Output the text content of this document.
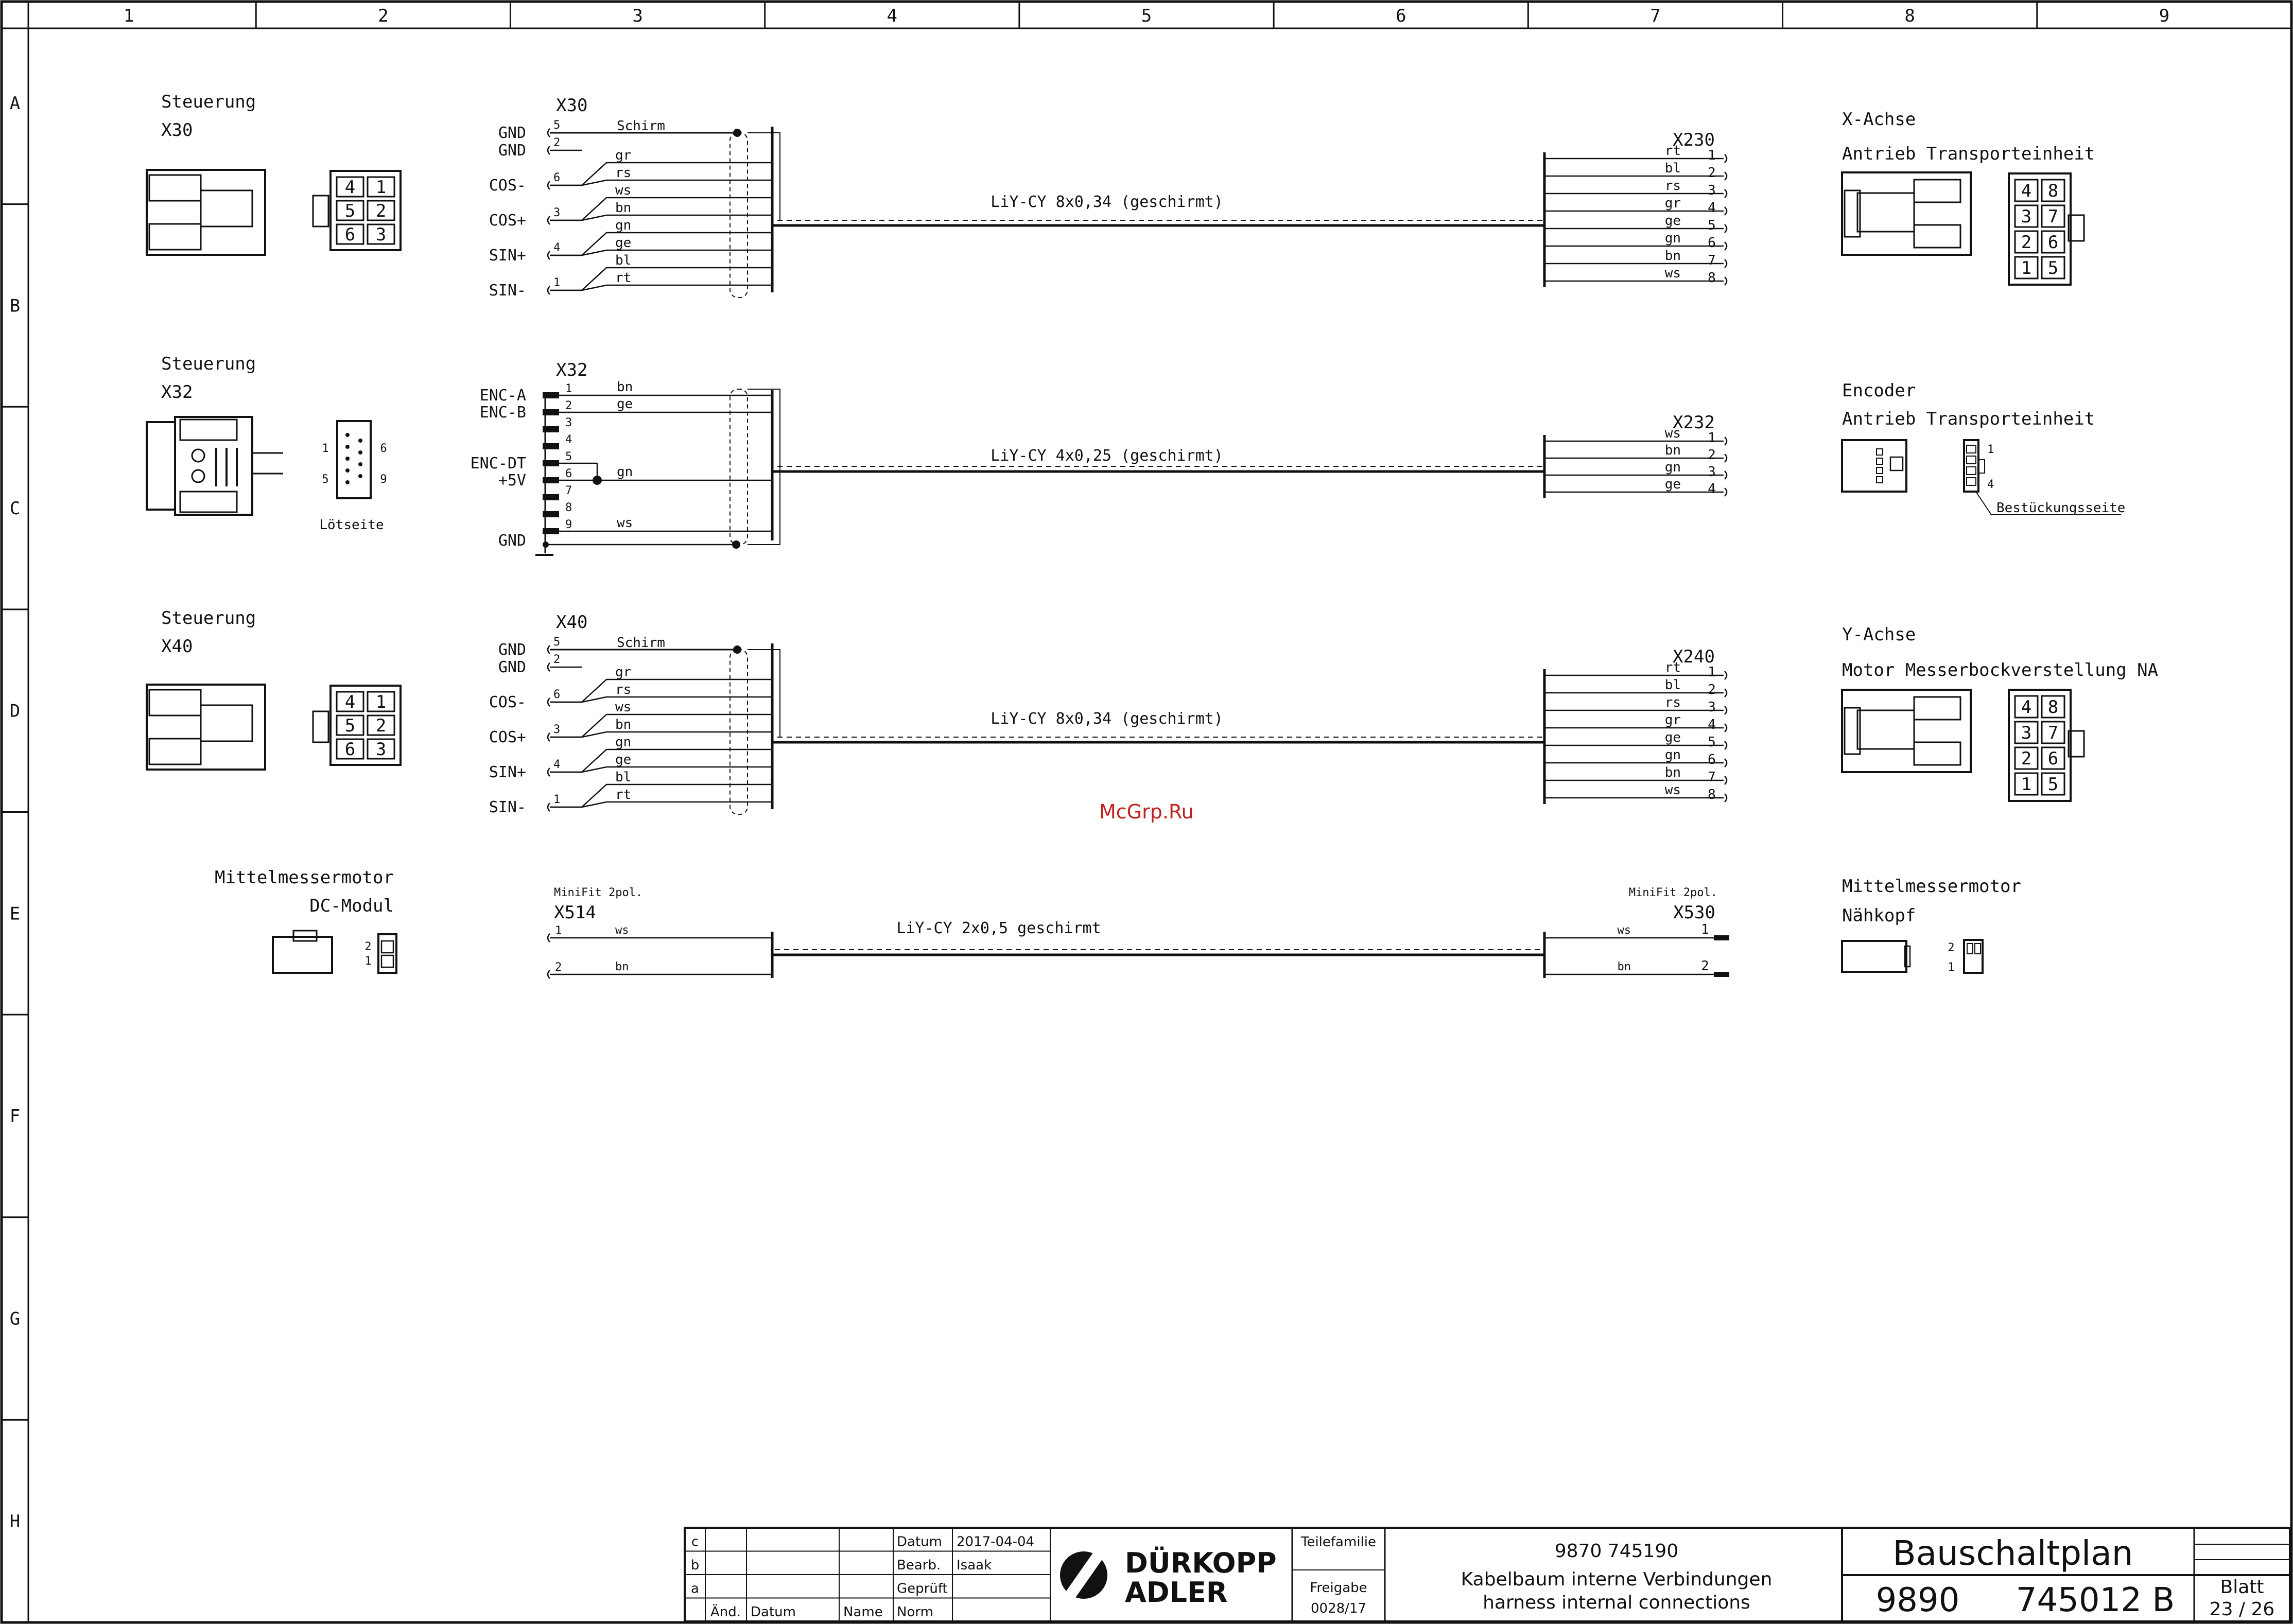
1	2	3	4	5	6	7	8	9
A
B
C
D
E
F
G
H
Steuerung
X30
4 1
5 2
6 3
Steuerung
X32
1
5
6
9
Lötseite
Steuerung
X40
4 1
5 2
6 3
Mittelmessermotor
DC-Modul
2
1
X30
Schirm
GND 5
GND 2
COS- 6
COS+ 3
SIN+ 4
SIN- 1
gr
rs
ws
bn
gn
ge
bl
rt
LiY-CY 8x0,34 (geschirmt)
rt 1
bl 2
rs 3
gr 4
ge 5
gn 6
bn 7
ws 8
X230
X40
Schirm
GND 5
GND 2
COS- 6
COS+ 3
SIN+ 4
SIN- 1
gr
rs
ws
bn
gn
ge
bl
rt
LiY-CY 8x0,34 (geschirmt)
rt 1
bl 2
rs 3
gr 4
ge 5
gn 6
bn 7
ws 8
X240
X32
1
2
3
4
5
6
7
8
9
ENC-A
ENC-B
ENC-DT
+5V
GND
bn
ge
gn
ws
LiY-CY 4x0,25 (geschirmt)
ws 1
bn 2
gn 3
ge 4
X232
MiniFit 2pol.
X514
MiniFit 2pol.
X530
1	ws	ws	1
2	bn	bn	2
LiY-CY 2x0,5 geschirmt
X-Achse
Antrieb Transporteinheit
4 8
3 7
2 6
1 5
Encoder
Antrieb Transporteinheit
1
4
Bestückungsseite
Y-Achse
Motor Messerbockverstellung NA
4 8
3 7
2 6
1 5
Mittelmessermotor
Nähkopf
2
1
c
b
a
Änd. Datum	Name Norm
Datum 2017-04-04
Bearb. Isaak
Geprüft
DÜRKOPP
ADLER
Teilefamilie
Freigabe
0028/17
9870 745190
Kabelbaum interne Verbindungen
harness internal connections
Bauschaltplan
9890 745012 B Blatt
23 / 26
McGrp.Ru
